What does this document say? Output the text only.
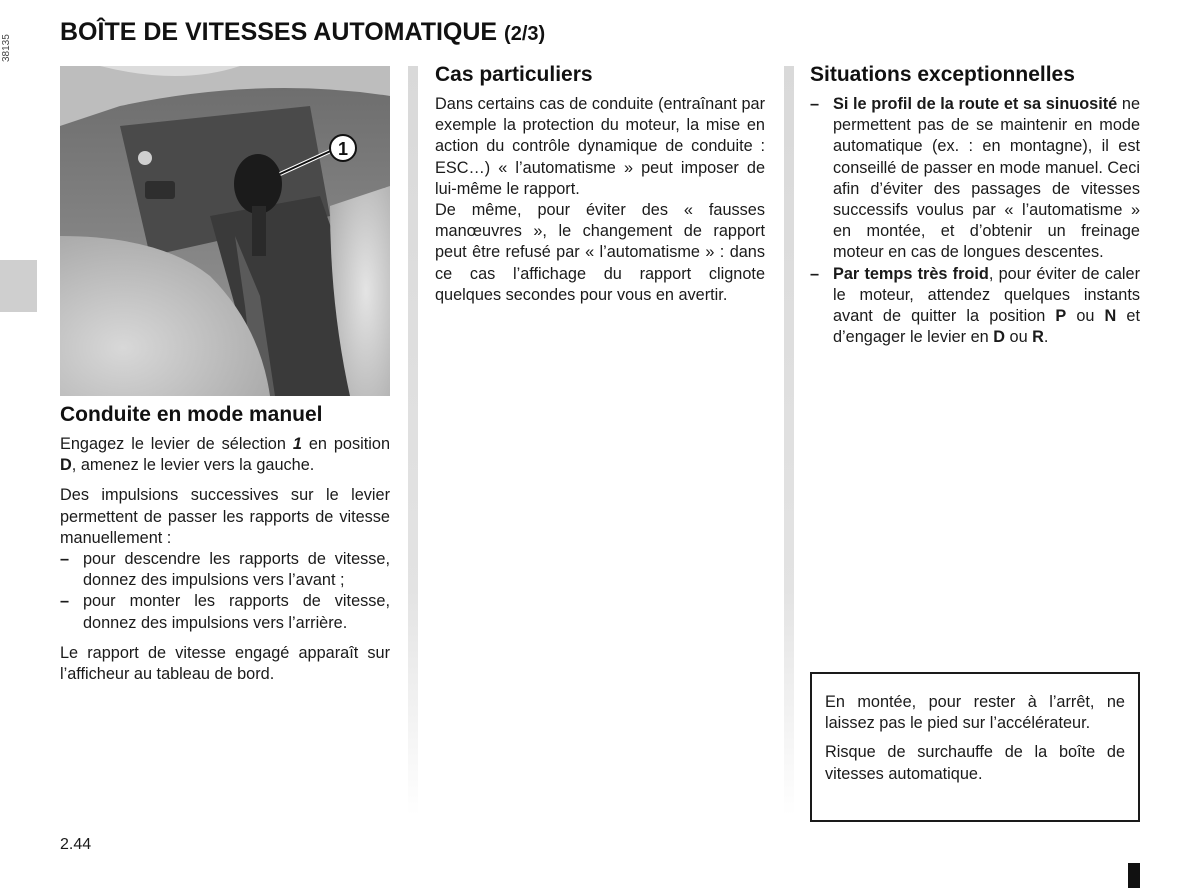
BOÎTE DE VITESSES AUTOMATIQUE (2/3)
1
38135
Conduite en mode manuel

Engagez le levier de sélection 1 en position D, amenez le levier vers la gauche.

Des impulsions successives sur le levier permettent de passer les rapports de vitesse manuellement :

– pour descendre les rapports de vitesse, donnez des impulsions vers l’avant ;
– pour monter les rapports de vitesse, donnez des impulsions vers l’arrière.

Le rapport de vitesse engagé apparaît sur l’afficheur au tableau de bord.

Cas particuliers

Dans certains cas de conduite (entraînant par exemple la protection du moteur, la mise en action du contrôle dynamique de conduite : ESC…) « l’automatisme » peut imposer de lui-même le rapport.

De même, pour éviter des « fausses manœuvres », le changement de rapport peut être refusé par « l’automatisme » : dans ce cas l’affichage du rapport clignote quelques secondes pour vous en avertir.

Situations exceptionnelles
– Si le profil de la route et sa sinuosité ne permettent pas de se maintenir en mode automatique (ex. : en montagne), il est conseillé de passer en mode manuel. Ceci afin d’éviter des passages de vitesses successifs voulus par « l’automatisme » en montée, et d’obtenir un freinage moteur en cas de longues descentes.
– Par temps très froid, pour éviter de caler le moteur, attendez quelques instants avant de quitter la position P ou N et d’engager le levier en D ou R.

En montée, pour rester à l’arrêt, ne laissez pas le pied sur l’accélérateur.

Risque de surchauffe de la boîte de vitesses automatique.

2.44
